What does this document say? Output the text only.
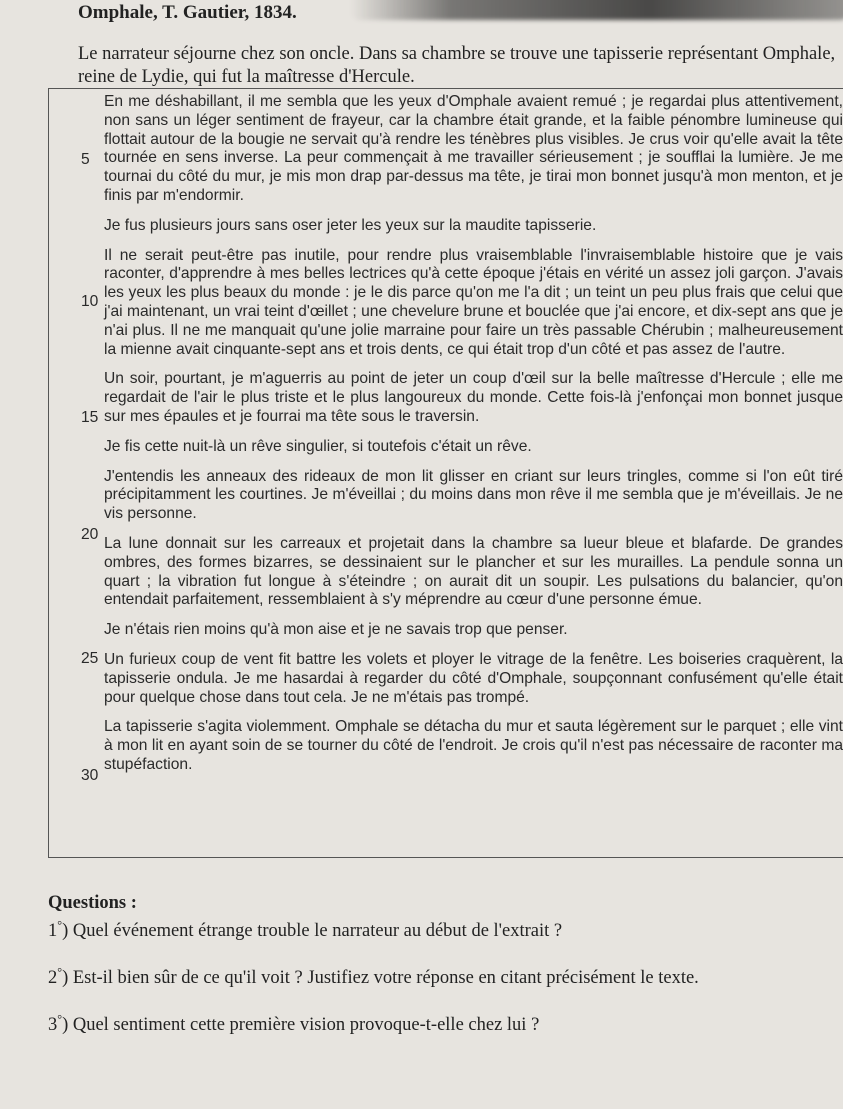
Omphale, T. Gautier, 1834.
Le narrateur séjourne chez son oncle. Dans sa chambre se trouve une tapisserie représentant Omphale, reine de Lydie, qui fut la maîtresse d'Hercule.
5
10
15
20
25
30

En me déshabillant, il me sembla que les yeux d'Omphale avaient remué ; je regardai plus attentivement, non sans un léger sentiment de frayeur, car la chambre était grande, et la faible pénombre lumineuse qui flottait autour de la bougie ne servait qu'à rendre les ténèbres plus visibles. Je crus voir qu'elle avait la tête tournée en sens inverse. La peur commençait à me travailler sérieusement ; je soufflai la lumière. Je me tournai du côté du mur, je mis mon drap par-dessus ma tête, je tirai mon bonnet jusqu'à mon menton, et je finis par m'endormir.

Je fus plusieurs jours sans oser jeter les yeux sur la maudite tapisserie.

Il ne serait peut-être pas inutile, pour rendre plus vraisemblable l'invraisemblable histoire que je vais raconter, d'apprendre à mes belles lectrices qu'à cette époque j'étais en vérité un assez joli garçon. J'avais les yeux les plus beaux du monde : je le dis parce qu'on me l'a dit ; un teint un peu plus frais que celui que j'ai maintenant, un vrai teint d'œillet ; une chevelure brune et bouclée que j'ai encore, et dix-sept ans que je n'ai plus. Il ne me manquait qu'une jolie marraine pour faire un très passable Chérubin ; malheureusement la mienne avait cinquante-sept ans et trois dents, ce qui était trop d'un côté et pas assez de l'autre.

Un soir, pourtant, je m'aguerris au point de jeter un coup d'œil sur la belle maîtresse d'Hercule ; elle me regardait de l'air le plus triste et le plus langoureux du monde. Cette fois-là j'enfonçai mon bonnet jusque sur mes épaules et je fourrai ma tête sous le traversin.

Je fis cette nuit-là un rêve singulier, si toutefois c'était un rêve.

J'entendis les anneaux des rideaux de mon lit glisser en criant sur leurs tringles, comme si l'on eût tiré précipitamment les courtines. Je m'éveillai ; du moins dans mon rêve il me sembla que je m'éveillais. Je ne vis personne.

La lune donnait sur les carreaux et projetait dans la chambre sa lueur bleue et blafarde. De grandes ombres, des formes bizarres, se dessinaient sur le plancher et sur les murailles. La pendule sonna un quart ; la vibration fut longue à s'éteindre ; on aurait dit un soupir. Les pulsations du balancier, qu'on entendait parfaitement, ressemblaient à s'y méprendre au cœur d'une personne émue.

Je n'étais rien moins qu'à mon aise et je ne savais trop que penser.

Un furieux coup de vent fit battre les volets et ployer le vitrage de la fenêtre. Les boiseries craquèrent, la tapisserie ondula. Je me hasardai à regarder du côté d'Omphale, soupçonnant confusément qu'elle était pour quelque chose dans tout cela. Je ne m'étais pas trompé.

La tapisserie s'agita violemment. Omphale se détacha du mur et sauta légèrement sur le parquet ; elle vint à mon lit en ayant soin de se tourner du côté de l'endroit. Je crois qu'il n'est pas nécessaire de raconter ma stupéfaction.

Questions :
1°) Quel événement étrange trouble le narrateur au début de l'extrait ?
2°) Est-il bien sûr de ce qu'il voit ? Justifiez votre réponse en citant précisément le texte.
3°) Quel sentiment cette première vision provoque-t-elle chez lui ?
